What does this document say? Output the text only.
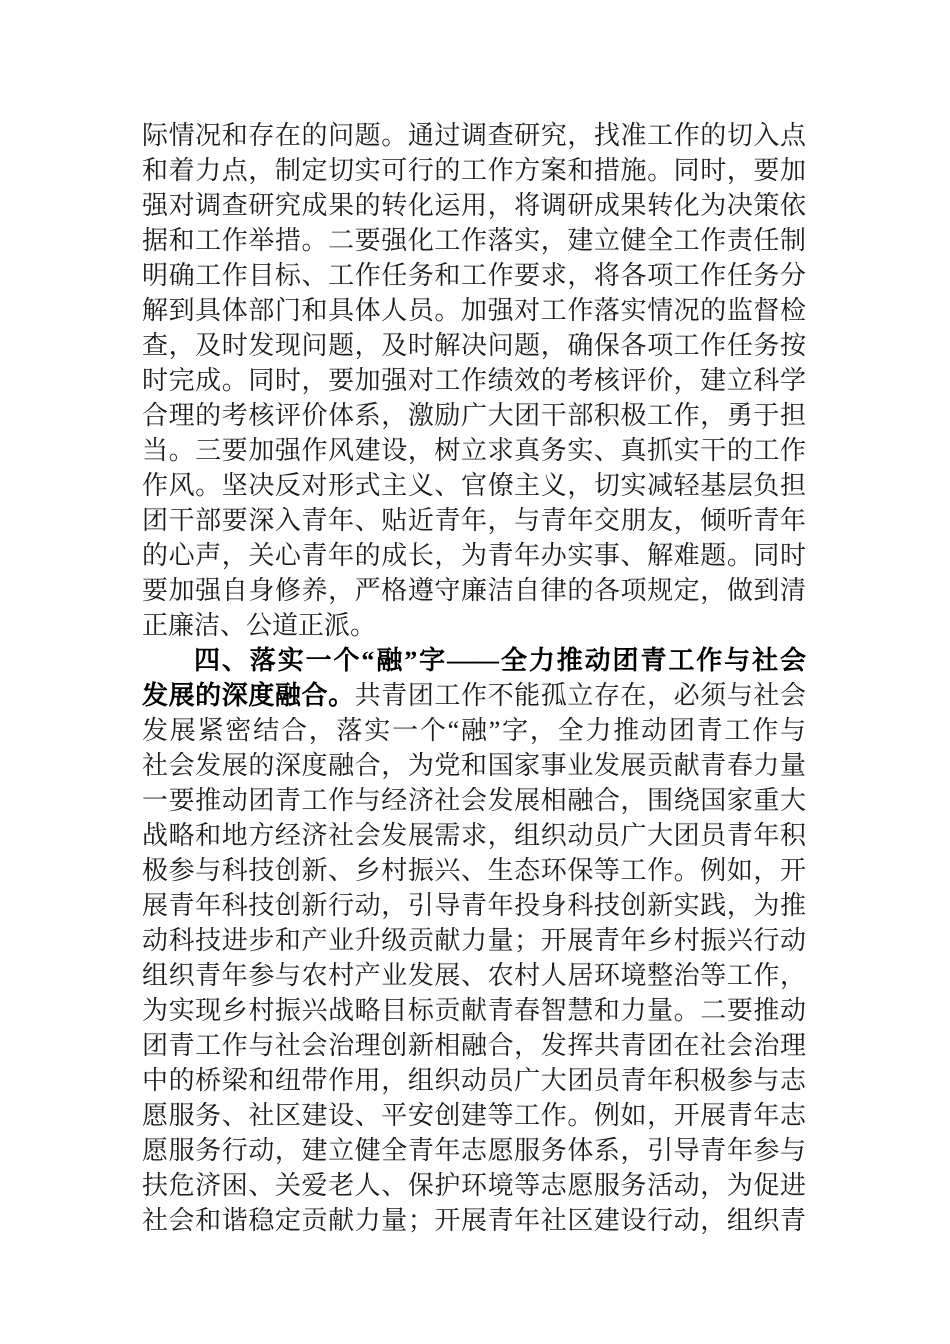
际情况和存在的问题。通过调查研究，找准工作的切入点
和着力点，制定切实可行的工作方案和措施。同时，要加
强对调查研究成果的转化运用，将调研成果转化为决策依
据和工作举措。二要强化工作落实，建立健全工作责任制
明确工作目标、工作任务和工作要求，将各项工作任务分
解到具体部门和具体人员。加强对工作落实情况的监督检
查，及时发现问题，及时解决问题，确保各项工作任务按
时完成。同时，要加强对工作绩效的考核评价，建立科学
合理的考核评价体系，激励广大团干部积极工作，勇于担
当。三要加强作风建设，树立求真务实、真抓实干的工作
作风。坚决反对形式主义、官僚主义，切实减轻基层负担
团干部要深入青年、贴近青年，与青年交朋友，倾听青年
的心声，关心青年的成长，为青年办实事、解难题。同时
要加强自身修养，严格遵守廉洁自律的各项规定，做到清
正廉洁、公道正派。
四、落实一个“融”字——全力推动团青工作与社会
发展的深度融合。共青团工作不能孤立存在，必须与社会
发展紧密结合，落实一个“融”字，全力推动团青工作与
社会发展的深度融合，为党和国家事业发展贡献青春力量
一要推动团青工作与经济社会发展相融合，围绕国家重大
战略和地方经济社会发展需求，组织动员广大团员青年积
极参与科技创新、乡村振兴、生态环保等工作。例如，开
展青年科技创新行动，引导青年投身科技创新实践，为推
动科技进步和产业升级贡献力量；开展青年乡村振兴行动
组织青年参与农村产业发展、农村人居环境整治等工作，
为实现乡村振兴战略目标贡献青春智慧和力量。二要推动
团青工作与社会治理创新相融合，发挥共青团在社会治理
中的桥梁和纽带作用，组织动员广大团员青年积极参与志
愿服务、社区建设、平安创建等工作。例如，开展青年志
愿服务行动，建立健全青年志愿服务体系，引导青年参与
扶危济困、关爱老人、保护环境等志愿服务活动，为促进
社会和谐稳定贡献力量；开展青年社区建设行动，组织青
